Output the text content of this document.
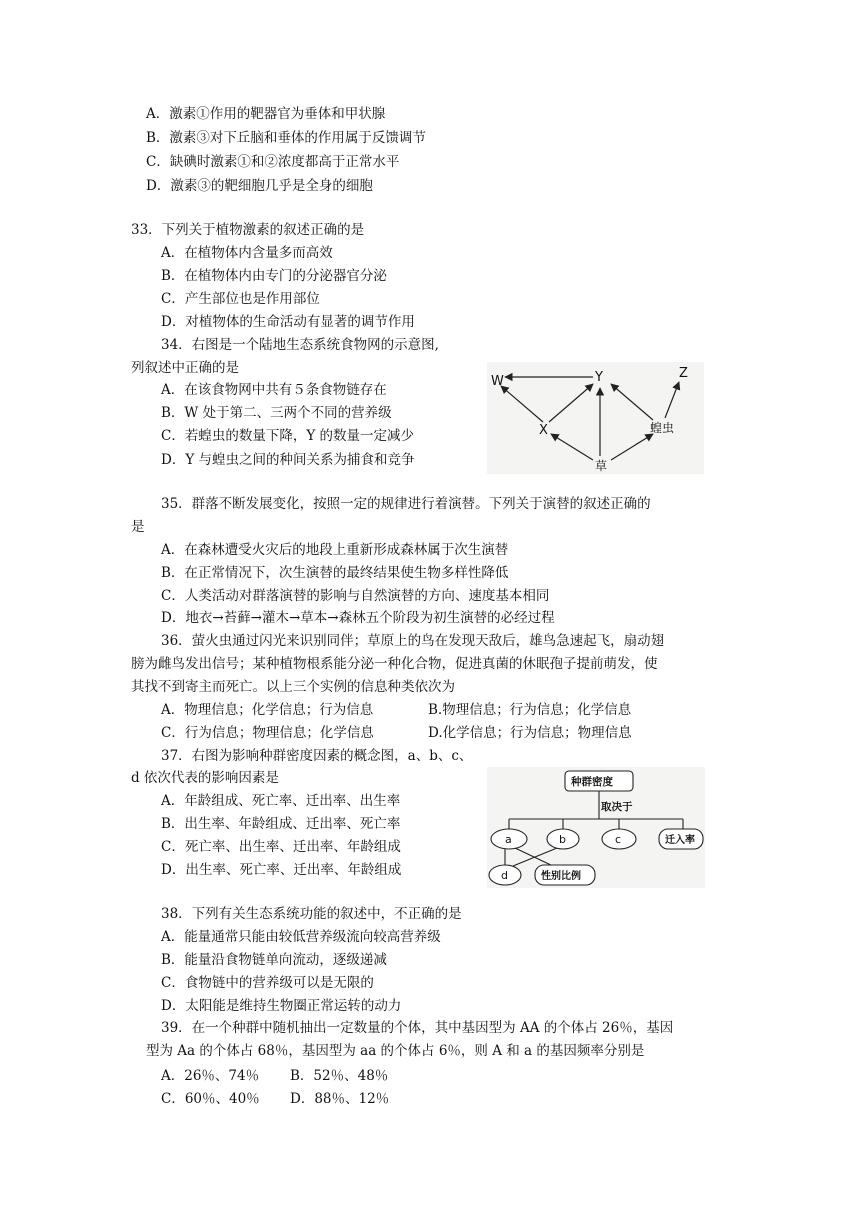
A．激素①作用的靶器官为垂体和甲状腺
B．激素③对下丘脑和垂体的作用属于反馈调节
C．缺碘时激素①和②浓度都高于正常水平
D．激素③的靶细胞几乎是全身的细胞
33．下列关于植物激素的叙述正确的是
A．在植物体内含量多而高效
B．在植物体内由专门的分泌器官分泌
C．产生部位也是作用部位
D．对植物体的生命活动有显著的调节作用
34．右图是一个陆地生态系统食物网的示意图,
列叙述中正确的是
A．在该食物网中共有５条食物链存在
B．W 处于第二、三两个不同的营养级
C．若蝗虫的数量下降，Y 的数量一定减少
D．Y 与蝗虫之间的种间关系为捕食和竞争
W	Y	Z
X	蝗虫
草
35．群落不断发展变化，按照一定的规律进行着演替。下列关于演替的叙述正确的
是
A．在森林遭受火灾后的地段上重新形成森林属于次生演替
B．在正常情况下，次生演替的最终结果使生物多样性降低
C．人类活动对群落演替的影响与自然演替的方向、速度基本相同
D．地衣→苔藓→灌木→草本→森林五个阶段为初生演替的必经过程
36．萤火虫通过闪光来识别同伴；草原上的鸟在发现天敌后，雄鸟急速起飞，扇动翅
膀为雌鸟发出信号；某种植物根系能分泌一种化合物，促进真菌的休眠孢子提前萌发，使
其找不到寄主而死亡。以上三个实例的信息种类依次为
A．物理信息；化学信息；行为信息	B.物理信息；行为信息；化学信息
C．行为信息；物理信息；化学信息	D.化学信息；行为信息；物理信息
37．右图为影响种群密度因素的概念图，a、b、c、
d 依次代表的影响因素是
A．年龄组成、死亡率、迁出率、出生率
B．出生率、年龄组成、迁出率、死亡率
C．死亡率、出生率、迁出率、年龄组成
D．出生率、死亡率、迁出率、年龄组成
种群密度
取决于
a	b	c	迁入率
d	性别比例
38．下列有关生态系统功能的叙述中，不正确的是
A．能量通常只能由较低营养级流向较高营养级
B．能量沿食物链单向流动，逐级递减
C．食物链中的营养级可以是无限的
D．太阳能是维持生物圈正常运转的动力
39．在一个种群中随机抽出一定数量的个体，其中基因型为 AA 的个体占 26％，基因
型为 Aa 的个体占 68％，基因型为 aa 的个体占 6％，则 A 和 a 的基因频率分别是
A．26％、74％ B．52％、48％
C．60％、40％ D．88％、12％
